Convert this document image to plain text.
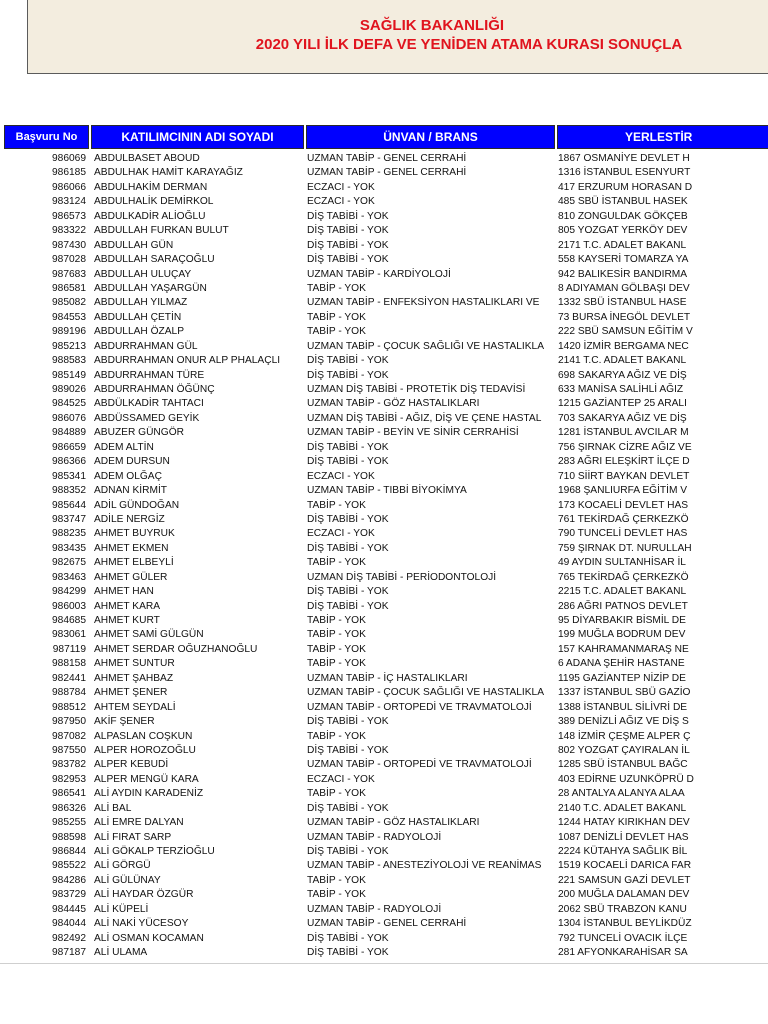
SAĞLIK BAKANLIĞI
2020 YILI İLK DEFA VE YENİDEN ATAMA KURASI SONUÇLA
Başvuru No	KATILIMCININ ADI SOYADI	ÜNVAN / BRANS	YERLESTİR
986069 ABDULBASET ABOUD	UZMAN TABİP - GENEL CERRAHİ	1867 OSMANİYE DEVLET H
986185 ABDULHAK HAMİT KARAYAĞIZ	UZMAN TABİP - GENEL CERRAHİ	1316 İSTANBUL ESENYURT
986066 ABDULHAKİM DERMAN	ECZACI - YOK	417 ERZURUM HORASAN D
983124 ABDULHALİK DEMİRKOL	ECZACI - YOK	485 SBÜ İSTANBUL HASEK
986573 ABDULKADİR ALİOĞLU	DİŞ TABİBİ - YOK	810 ZONGULDAK GÖKÇEB
983322 ABDULLAH FURKAN BULUT	DİŞ TABİBİ - YOK	805 YOZGAT YERKÖY DEV
987430 ABDULLAH GÜN	DİŞ TABİBİ - YOK	2171 T.C. ADALET BAKANL
987028 ABDULLAH SARAÇOĞLU	DİŞ TABİBİ - YOK	558 KAYSERİ TOMARZA YA
987683 ABDULLAH ULUÇAY	UZMAN TABİP - KARDİYOLOJİ	942 BALIKESİR BANDIRMA
986581 ABDULLAH YAŞARGÜN	TABİP - YOK	8 ADIYAMAN GÖLBAŞI DEV
985082 ABDULLAH YILMAZ	UZMAN TABİP - ENFEKSİYON HASTALIKLARI VE	1332 SBÜ İSTANBUL HASE
984553 ABDULLAH ÇETİN	TABİP - YOK	73 BURSA İNEGÖL DEVLET
989196 ABDULLAH ÖZALP	TABİP - YOK	222 SBÜ SAMSUN EĞİTİM V
985213 ABDURRAHMAN GÜL	UZMAN TABİP - ÇOCUK SAĞLIĞI VE HASTALIKLA	1420 İZMİR BERGAMA NEC
988583 ABDURRAHMAN ONUR ALP PHALAÇLI	DİŞ TABİBİ - YOK	2141 T.C. ADALET BAKANL
985149 ABDURRAHMAN TÜRE	DİŞ TABİBİ - YOK	698 SAKARYA AĞIZ VE DİŞ
989026 ABDURRAHMAN ÖĞÜNÇ	UZMAN DİŞ TABİBİ - PROTETİK DİŞ TEDAVİSİ	633 MANİSA SALİHLİ AĞIZ
984525 ABDÜLKADİR TAHTACI	UZMAN TABİP - GÖZ HASTALIKLARI	1215 GAZİANTEP 25 ARALI
986076 ABDÜSSAMED GEYİK	UZMAN DİŞ TABİBİ - AĞIZ, DİŞ VE ÇENE HASTAL	703 SAKARYA AĞIZ VE DİŞ
984889 ABUZER GÜNGÖR	UZMAN TABİP - BEYİN VE SİNİR CERRAHİSİ	1281 İSTANBUL AVCILAR M
986659 ADEM ALTİN	DİŞ TABİBİ - YOK	756 ŞIRNAK CİZRE AĞIZ VE
986366 ADEM DURSUN	DİŞ TABİBİ - YOK	283 AĞRI ELEŞKİRT İLÇE D
985341 ADEM OLĞAÇ	ECZACI - YOK	710 SİİRT BAYKAN DEVLET
988352 ADNAN KİRMİT	UZMAN TABİP - TIBBİ BİYOKİMYA	1968 ŞANLIURFA EĞİTİM V
985644 ADİL GÜNDOĞAN	TABİP - YOK	173 KOCAELİ DEVLET HAS
983747 ADİLE NERGİZ	DİŞ TABİBİ - YOK	761 TEKİRDAĞ ÇERKEZKÖ
988235 AHMET BUYRUK	ECZACI - YOK	790 TUNCELİ DEVLET HAS
983435 AHMET EKMEN	DİŞ TABİBİ - YOK	759 ŞIRNAK DT. NURULLAH
982675 AHMET ELBEYLİ	TABİP - YOK	49 AYDIN SULTANHİSAR İL
983463 AHMET GÜLER	UZMAN DİŞ TABİBİ - PERİODONTOLOJİ	765 TEKİRDAĞ ÇERKEZKÖ
984299 AHMET HAN	DİŞ TABİBİ - YOK	2215 T.C. ADALET BAKANL
986003 AHMET KARA	DİŞ TABİBİ - YOK	286 AĞRI PATNOS DEVLET
984685 AHMET KURT	TABİP - YOK	95 DİYARBAKIR BİSMİL DE
983061 AHMET SAMİ GÜLGÜN	TABİP - YOK	199 MUĞLA BODRUM DEV
987119 AHMET SERDAR OĞUZHANOĞLU	TABİP - YOK	157 KAHRAMANMARAŞ NE
988158 AHMET SUNTUR	TABİP - YOK	6 ADANA ŞEHİR HASTANE
982441 AHMET ŞAHBAZ	UZMAN TABİP - İÇ HASTALIKLARI	1195 GAZİANTEP NİZİP DE
988784 AHMET ŞENER	UZMAN TABİP - ÇOCUK SAĞLIĞI VE HASTALIKLA	1337 İSTANBUL SBÜ GAZİO
988512 AHTEM SEYDALİ	UZMAN TABİP - ORTOPEDİ VE TRAVMATOLOJİ	1388 İSTANBUL SİLİVRİ DE
987950 AKİF ŞENER	DİŞ TABİBİ - YOK	389 DENİZLİ AĞIZ VE DİŞ S
987082 ALPASLAN COŞKUN	TABİP - YOK	148 İZMİR ÇEŞME ALPER Ç
987550 ALPER HOROZOĞLU	DİŞ TABİBİ - YOK	802 YOZGAT ÇAYIRALAN İL
983782 ALPER KEBUDİ	UZMAN TABİP - ORTOPEDİ VE TRAVMATOLOJİ	1285 SBÜ İSTANBUL BAĞC
982953 ALPER MENGÜ KARA	ECZACI - YOK	403 EDİRNE UZUNKÖPRÜ D
986541 ALİ AYDIN KARADENİZ	TABİP - YOK	28 ANTALYA ALANYA ALAA
986326 ALİ BAL	DİŞ TABİBİ - YOK	2140 T.C. ADALET BAKANL
985255 ALİ EMRE DALYAN	UZMAN TABİP - GÖZ HASTALIKLARI	1244 HATAY KIRIKHAN DEV
988598 ALİ FIRAT SARP	UZMAN TABİP - RADYOLOJİ	1087 DENİZLİ DEVLET HAS
986844 ALİ GÖKALP TERZİOĞLU	DİŞ TABİBİ - YOK	2224 KÜTAHYA SAĞLIK BİL
985522 ALİ GÖRGÜ	UZMAN TABİP - ANESTEZİYOLOJİ VE REANİMAS	1519 KOCAELİ DARICA FAR
984286 ALİ GÜLÜNAY	TABİP - YOK	221 SAMSUN GAZİ DEVLET
983729 ALİ HAYDAR ÖZGÜR	TABİP - YOK	200 MUĞLA DALAMAN DEV
984445 ALİ KÜPELİ	UZMAN TABİP - RADYOLOJİ	2062 SBÜ TRABZON KANU
984044 ALİ NAKİ YÜCESOY	UZMAN TABİP - GENEL CERRAHİ	1304 İSTANBUL BEYLİKDÜZ
982492 ALİ OSMAN KOCAMAN	DİŞ TABİBİ - YOK	792 TUNCELİ OVACIK İLÇE
987187 ALİ ULAMA	DİŞ TABİBİ - YOK	281 AFYONKARAHİSAR SA
